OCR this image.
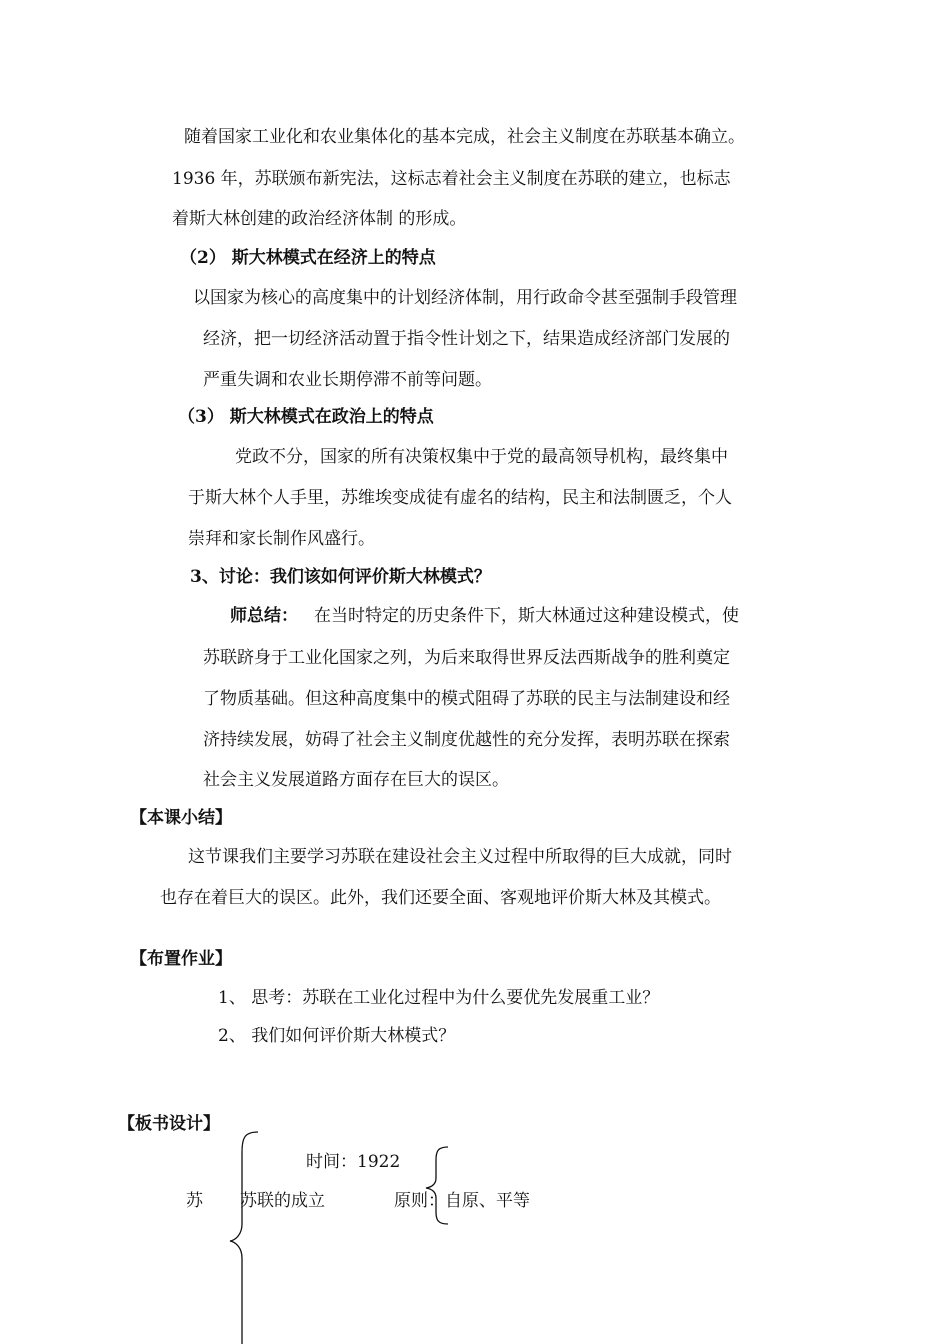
随着国家工业化和农业集体化的基本完成，社会主义制度在苏联基本确立。
1936 年，苏联颁布新宪法，这标志着社会主义制度在苏联的建立，也标志
着斯大林创建的政治经济体制 的形成。
（2） 斯大林模式在经济上的特点
以国家为核心的高度集中的计划经济体制，用行政命令甚至强制手段管理
经济，把一切经济活动置于指令性计划之下，结果造成经济部门发展的
严重失调和农业长期停滞不前等问题。
（3） 斯大林模式在政治上的特点
党政不分，国家的所有决策权集中于党的最高领导机构，最终集中
于斯大林个人手里，苏维埃变成徒有虚名的结构，民主和法制匮乏，个人
崇拜和家长制作风盛行。
3、讨论：我们该如何评价斯大林模式？
师总结： 在当时特定的历史条件下，斯大林通过这种建设模式，使
苏联跻身于工业化国家之列，为后来取得世界反法西斯战争的胜利奠定
了物质基础。但这种高度集中的模式阻碍了苏联的民主与法制建设和经
济持续发展，妨碍了社会主义制度优越性的充分发挥，表明苏联在探索
社会主义发展道路方面存在巨大的误区。
【本课小结】
这节课我们主要学习苏联在建设社会主义过程中所取得的巨大成就，同时
也存在着巨大的误区。此外，我们还要全面、客观地评价斯大林及其模式。
【布置作业】
1、 思考：苏联在工业化过程中为什么要优先发展重工业？
2、 我们如何评价斯大林模式？
【板书设计】
苏 苏联的成立
时间：1922
原则：自原、平等
